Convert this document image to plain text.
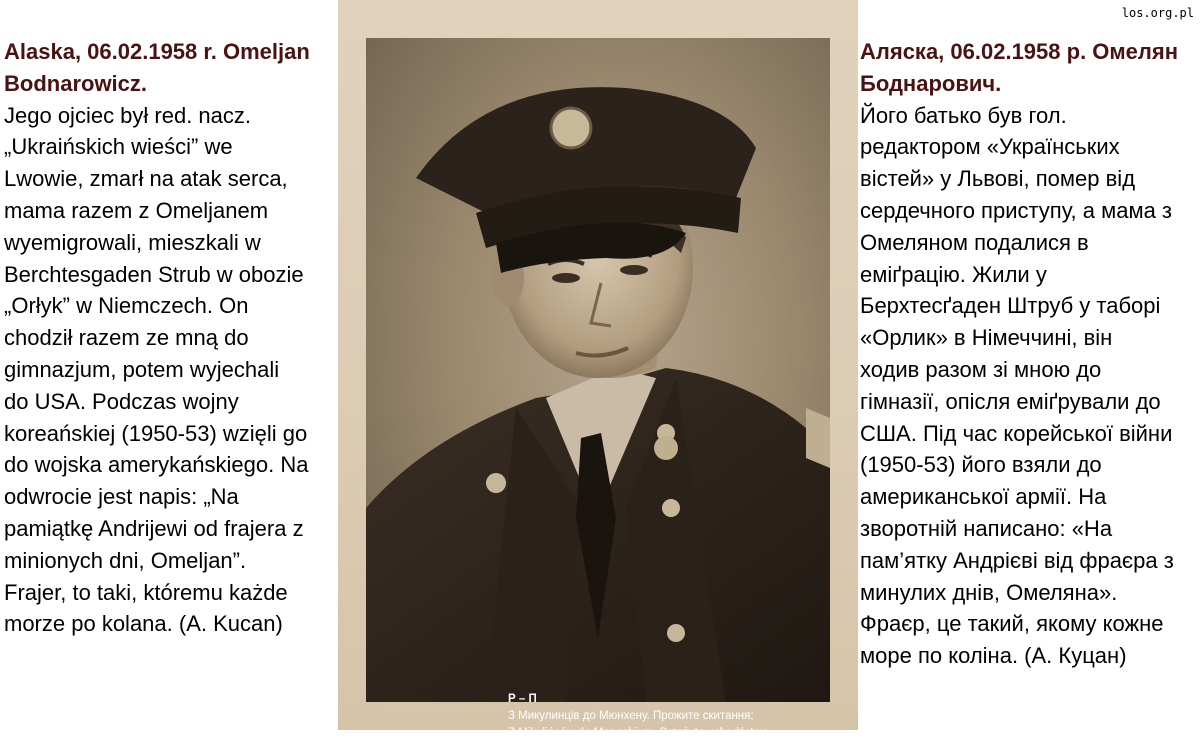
los.org.pl
Alaska, 06.02.1958 r. Omeljan
Bodnarowicz.
Jego ojciec był red. nacz.
„Ukraińskich wieści” we
Lwowie, zmarł na atak serca,
mama razem z Omeljanem
wyemigrowali, mieszkali w
Berchtesgaden Strub w obozie
„Orłyk” w Niemczech. On
chodził razem ze mną do
gimnazjum, potem wyjechali
do USA. Podczas wojny
koreańskiej (1950-53) wzięli go
do wojska amerykańskiego. Na
odwrocie jest napis: „Na
pamiątkę Andrijewi od frajera z
minionych dni, Omeljan”.
Frajer, to taki, któremu każde
morze po kolana. (A. Kucan)
Р – П
З Микулинців до Мюнхену. Прожите скитання;
Z Mikulińców do Monachium. Przeżyte uchodźctwo
Аляска, 06.02.1958 р. Омелян
Боднарович.
Його батько був гол.
редактором «Українських
вістей» у Львові, помер від
сердечного приступу, а мама з
Омеляном подалися в
еміґрацію. Жили у
Берхтесґаден Штруб у таборі
«Орлик» в Німеччині, він
ходив разом зі мною до
гімназії, опісля еміґрували до
США. Під час корейської війни
(1950-53) його взяли до
американської армії. На
зворотній написано: «На
пам’ятку Андрієві від фраєра з
минулих днів, Омеляна».
Фраєр, це такий, якому кожне
море по коліна. (А. Куцан)
